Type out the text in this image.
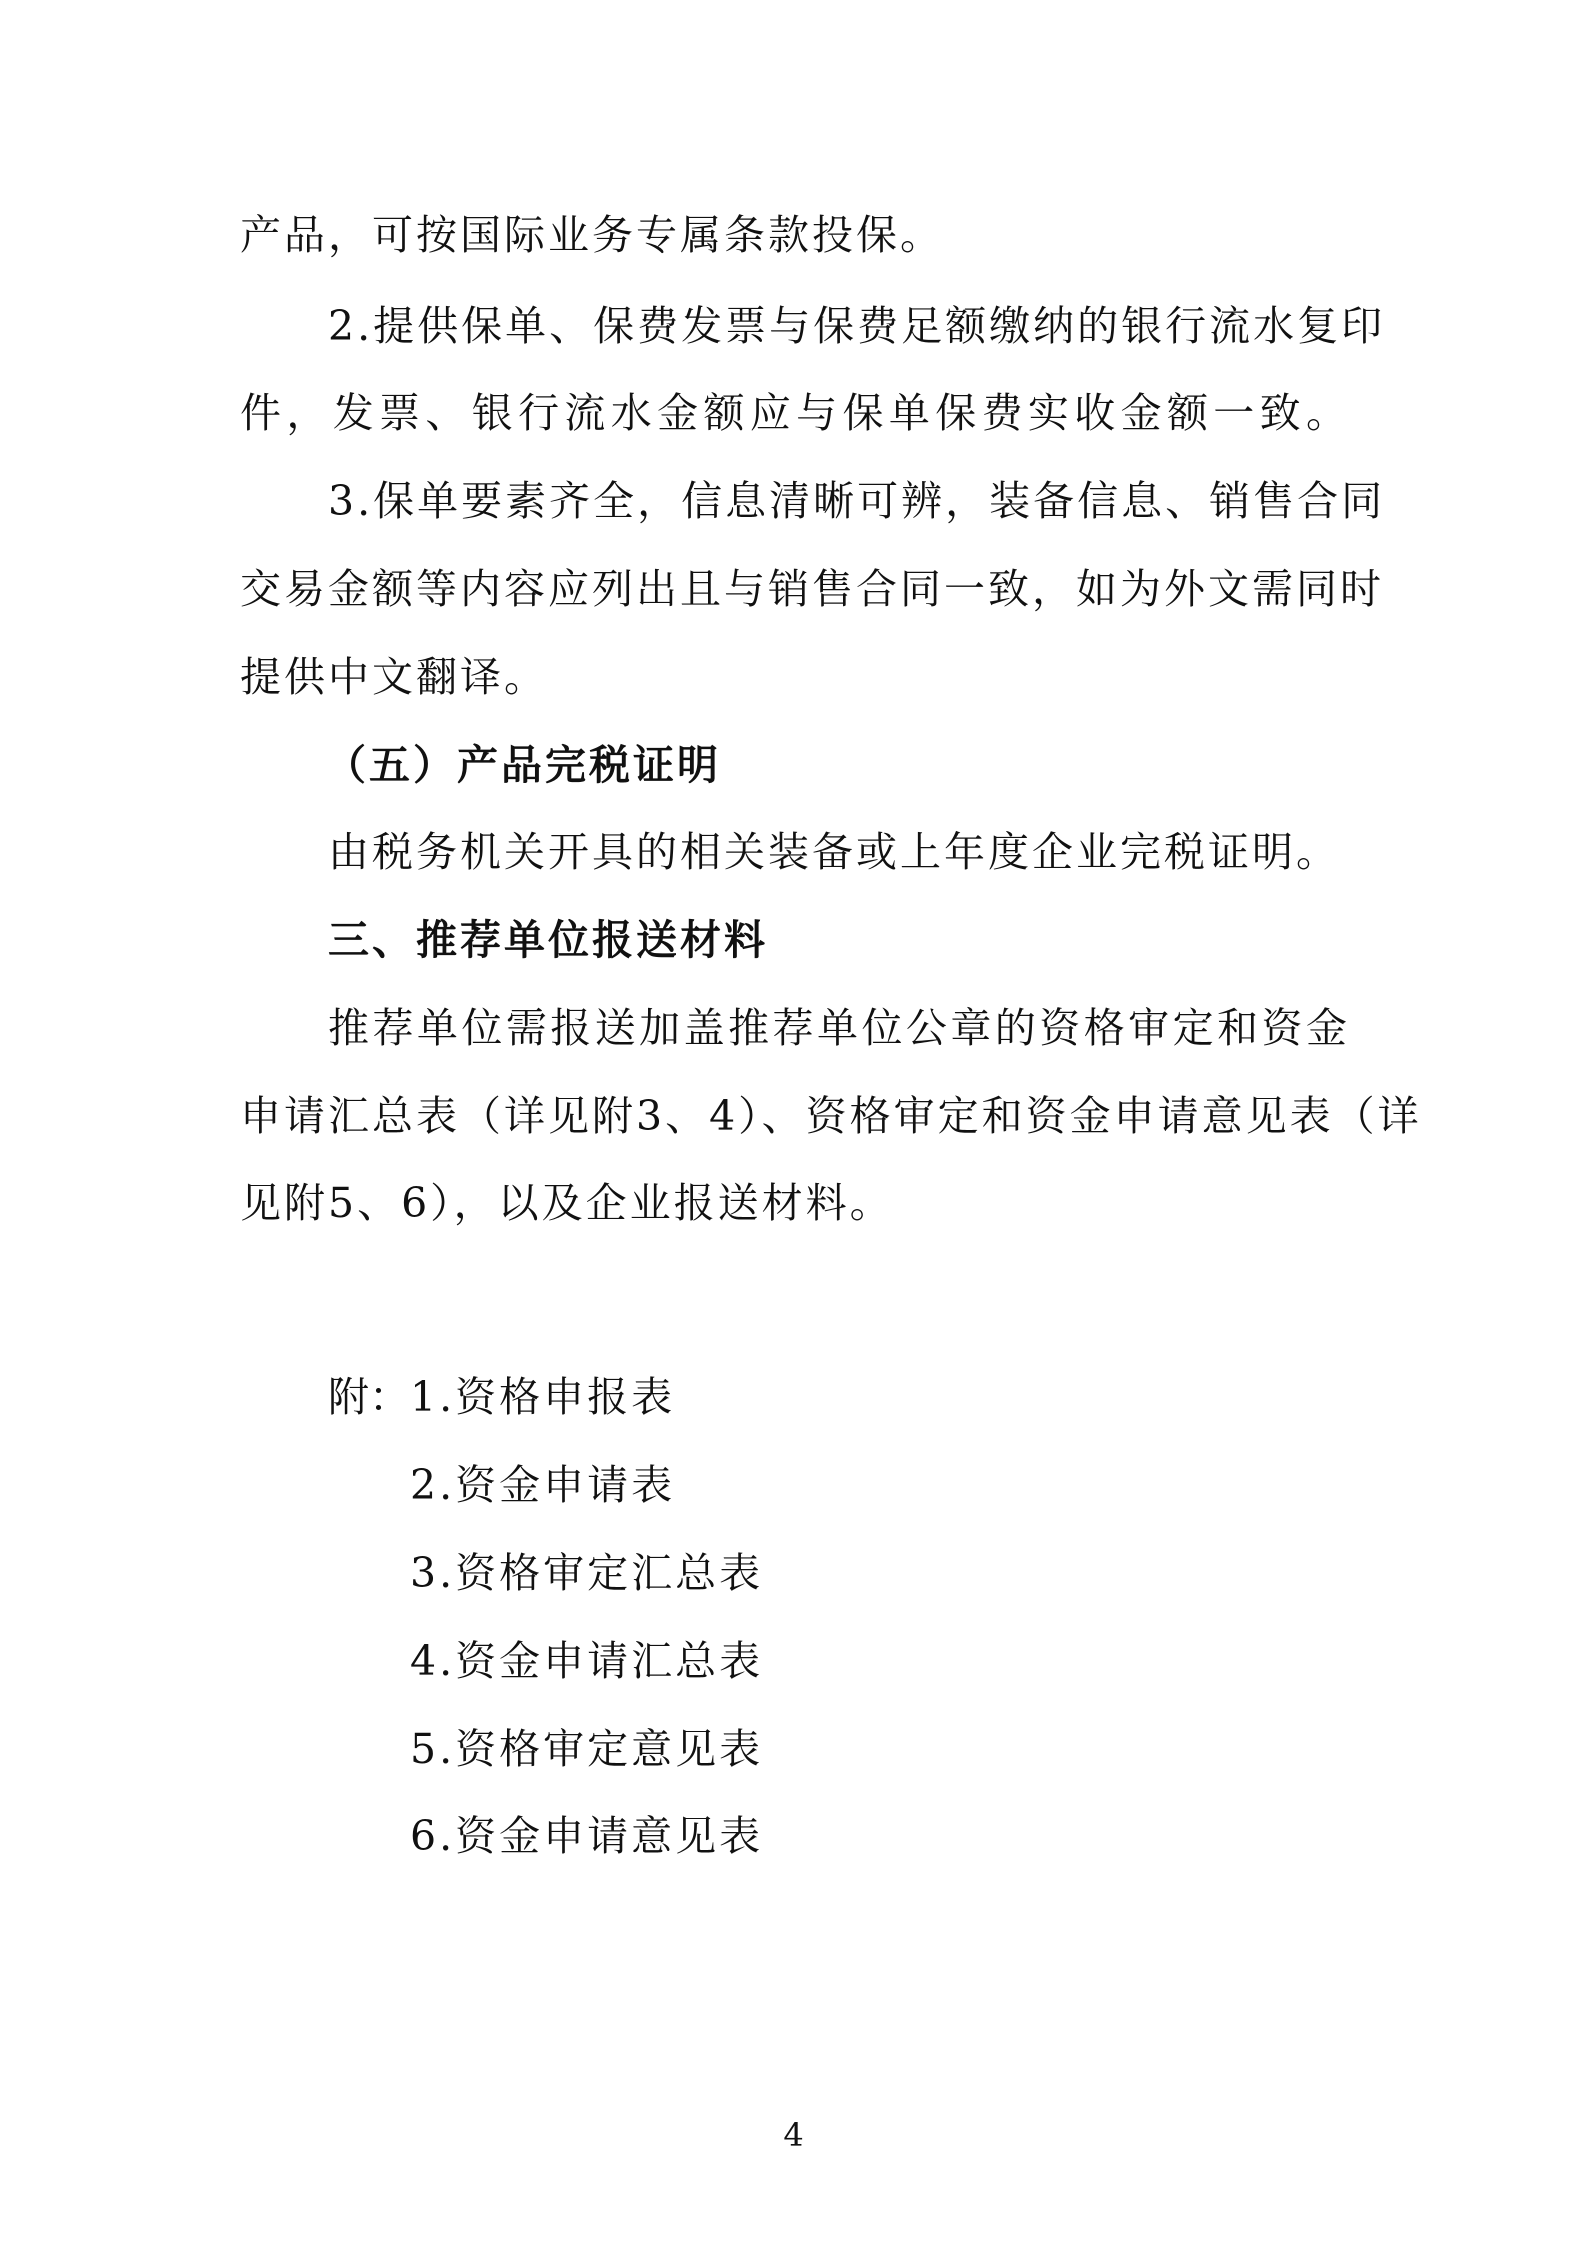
产品，可按国际业务专属条款投保。
2.提供保单、保费发票与保费足额缴纳的银行流水复印
件，发票、银行流水金额应与保单保费实收金额一致。
3.保单要素齐全，信息清晰可辨，装备信息、销售合同
交易金额等内容应列出且与销售合同一致，如为外文需同时
提供中文翻译。
（五）产品完税证明
由税务机关开具的相关装备或上年度企业完税证明。
三、推荐单位报送材料
推荐单位需报送加盖推荐单位公章的资格审定和资金
申请汇总表（详见附3、4）、资格审定和资金申请意见表（详
见附5、6），以及企业报送材料。
附： 1.资格申报表
2.资金申请表
3.资格审定汇总表
4.资金申请汇总表
5.资格审定意见表
6.资金申请意见表
4
